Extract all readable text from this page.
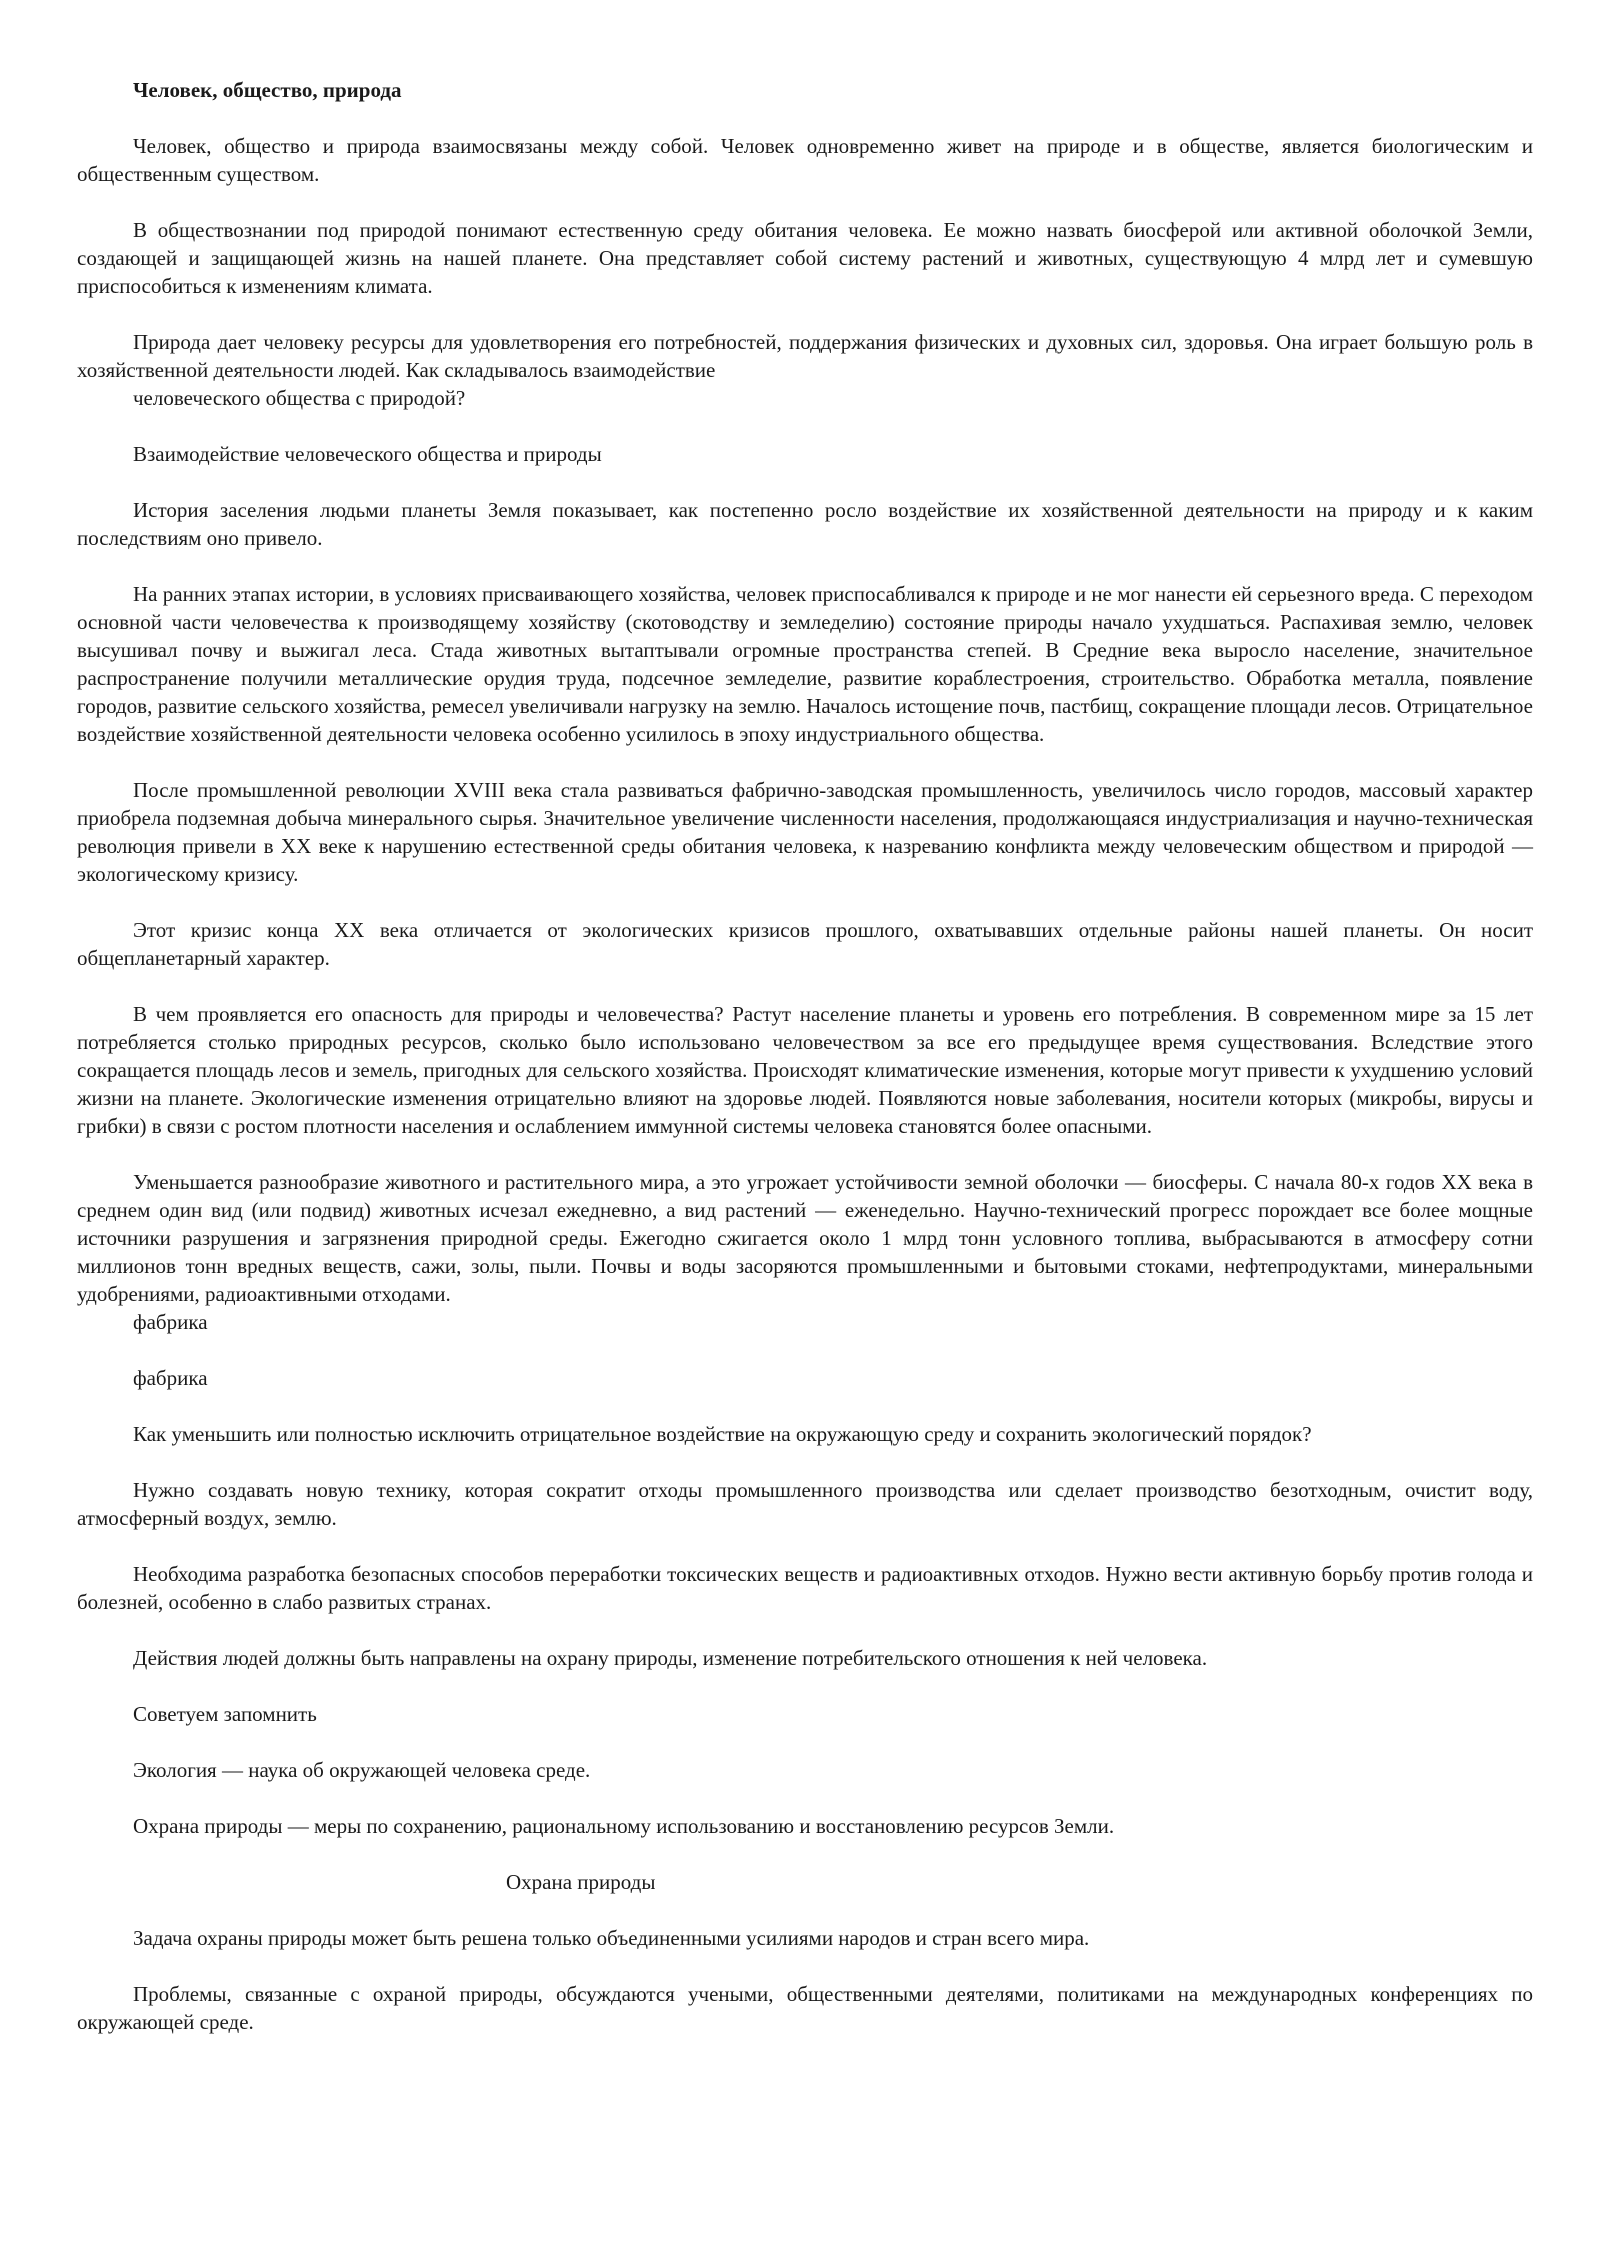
Человек, общество, природа

Человек, общество и природа взаимосвязаны между собой. Человек одновременно живет на природе и в обществе, является биологическим и общественным существом.

В обществознании под природой понимают естественную среду обитания человека. Ее можно назвать биосферой или активной оболочкой Земли, создающей и защищающей жизнь на нашей планете. Она представляет собой систему растений и животных, существующую 4 млрд лет и сумевшую приспособиться к изменениям климата.

Природа дает человеку ресурсы для удовлетворения его потребностей, поддержания физических и духовных сил, здоровья. Она играет большую роль в хозяйственной деятельности людей. Как складывалось взаимодействие

человеческого общества с природой?

Взаимодействие человеческого общества и природы

История заселения людьми планеты Земля показывает, как постепенно росло воздействие их хозяйственной деятельности на природу и к каким последствиям оно привело.

На ранних этапах истории, в условиях присваивающего хозяйства, человек приспосабливался к природе и не мог нанести ей серьезного вреда. С переходом основной части человечества к производящему хозяйству (скотоводству и земледелию) состояние природы начало ухудшаться. Распахивая землю, человек высушивал почву и выжигал леса. Стада животных вытаптывали огромные пространства степей. В Средние века выросло население, значительное распространение получили металлические орудия труда, подсечное земледелие, развитие кораблестроения, строительство. Обработка металла, появление городов, развитие сельского хозяйства, ремесел увеличивали нагрузку на землю. Началось истощение почв, пастбищ, сокращение площади лесов. Отрицательное воздействие хозяйственной деятельности человека особенно усилилось в эпоху индустриального общества.

После промышленной революции XVIII века стала развиваться фабрично-заводская промышленность, увеличилось число городов, массовый характер приобрела подземная добыча минерального сырья. Значительное увеличение численности населения, продолжающаяся индустриализация и научно-техническая революция привели в XX веке к нарушению естественной среды обитания человека, к назреванию конфликта между человеческим обществом и природой — экологическому кризису.

Этот кризис конца XX века отличается от экологических кризисов прошлого, охватывавших отдельные районы нашей планеты. Он носит общепланетарный характер.

В чем проявляется его опасность для природы и человечества? Растут население планеты и уровень его потребления. В современном мире за 15 лет потребляется столько природных ресурсов, сколько было использовано человечеством за все его предыдущее время существования. Вследствие этого сокращается площадь лесов и земель, пригодных для сельского хозяйства. Происходят климатические изменения, которые могут привести к ухудшению условий жизни на планете. Экологические изменения отрицательно влияют на здоровье людей. Появляются новые заболевания, носители которых (микробы, вирусы и грибки) в связи с ростом плотности населения и ослаблением иммунной системы человека становятся более опасными.

Уменьшается разнообразие животного и растительного мира, а это угрожает устойчивости земной оболочки — биосферы. С начала 80-х годов XX века в среднем один вид (или подвид) животных исчезал ежедневно, а вид растений — еженедельно. Научно-технический прогресс порождает все более мощные источники разрушения и загрязнения природной среды. Ежегодно сжигается около 1 млрд тонн условного топлива, выбрасываются в атмосферу сотни миллионов тонн вредных веществ, сажи, золы, пыли. Почвы и воды засоряются промышленными и бытовыми стоками, нефтепродуктами, минеральными удобрениями, радиоактивными отходами.

фабрика

фабрика

Как уменьшить или полностью исключить отрицательное воздействие на окружающую среду и сохранить экологический порядок?

Нужно создавать новую технику, которая сократит отходы промышленного производства или сделает производство безотходным, очистит воду, атмосферный воздух, землю.

Необходима разработка безопасных способов переработки токсических веществ и радиоактивных отходов. Нужно вести активную борьбу против голода и болезней, особенно в слабо развитых странах.

Действия людей должны быть направлены на охрану природы, изменение потребительского отношения к ней человека.

Советуем запомнить

Экология — наука об окружающей человека среде.

Охрана природы — меры по сохранению, рациональному использованию и восстановлению ресурсов Земли.

Охрана природы

Задача охраны природы может быть решена только объединенными усилиями народов и стран всего мира.

Проблемы, связанные с охраной природы, обсуждаются учеными, общественными деятелями, политиками на международных конференциях по окружающей среде.
